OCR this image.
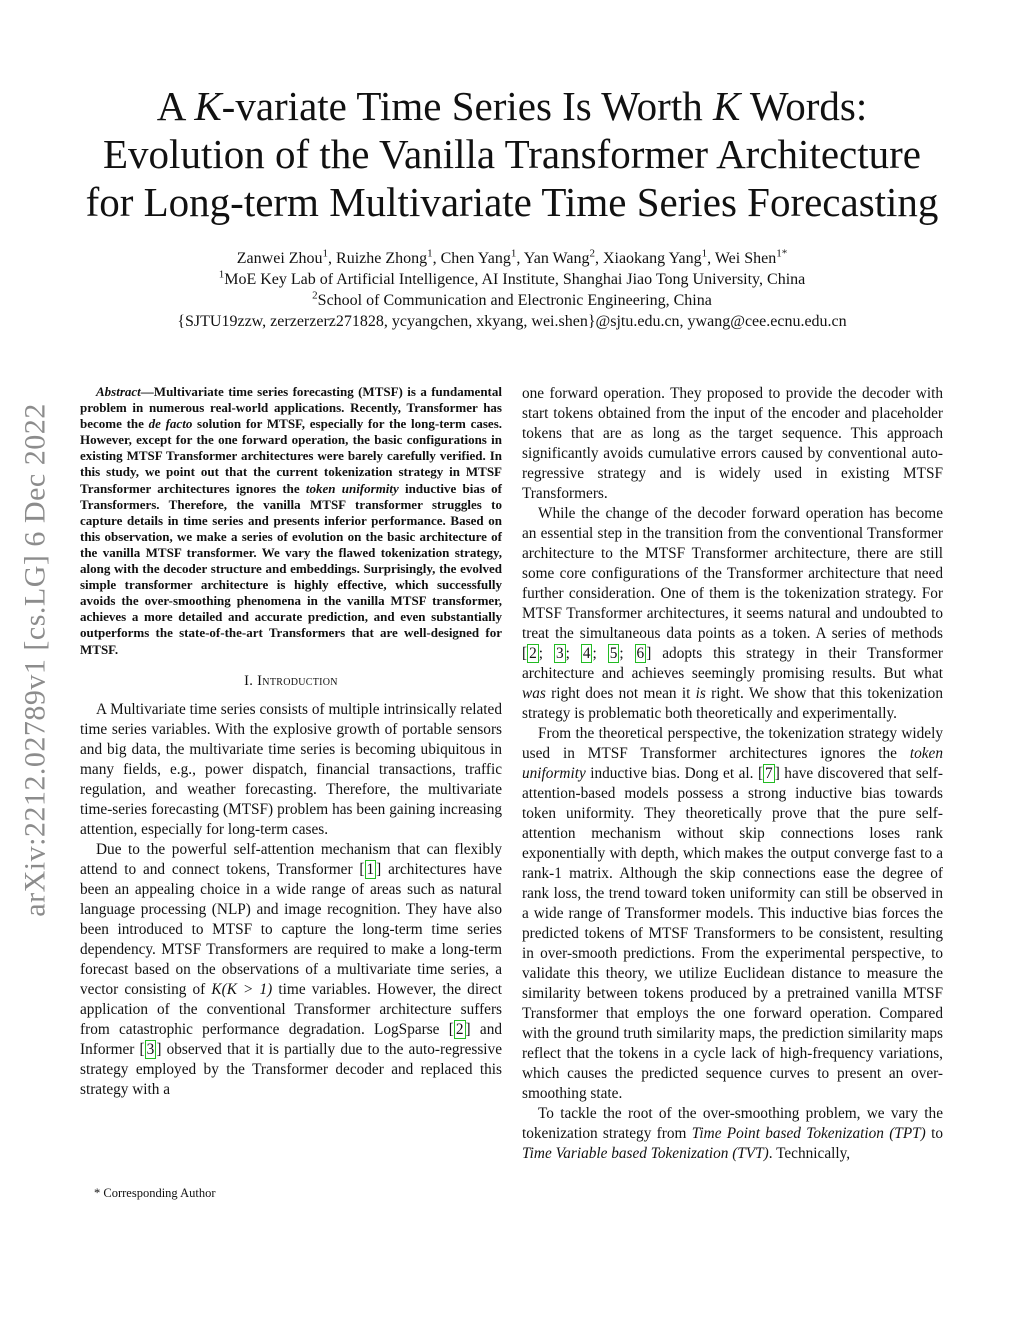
arXiv:2212.02789v1 [cs.LG] 6 Dec 2022
A K-variate Time Series Is Worth K Words:
Evolution of the Vanilla Transformer Architecture
for Long-term Multivariate Time Series Forecasting
Zanwei Zhou$^1$, Ruizhe Zhong$^1$, Chen Yang$^1$, Yan Wang$^2$, Xiaokang Yang$^1$, Wei Shen$^{1*}$
$^1$MoE Key Lab of Artificial Intelligence, AI Institute, Shanghai Jiao Tong University, China
$^2$School of Communication and Electronic Engineering, China
{SJTU19zzw, zerzerzerz271828, ycyangchen, xkyang, wei.shen}@sjtu.edu.cn, ywang@cee.ecnu.edu.cn

Abstract—Multivariate time series forecasting (MTSF) is a fundamental problem in numerous real-world applications. Recently, Transformer has become the de facto solution for MTSF, especially for the long-term cases. However, except for the one forward operation, the basic configurations in existing MTSF Transformer architectures were barely carefully verified. In this study, we point out that the current tokenization strategy in MTSF Transformer architectures ignores the token uniformity inductive bias of Transformers. Therefore, the vanilla MTSF transformer struggles to capture details in time series and presents inferior performance. Based on this observation, we make a series of evolution on the basic architecture of the vanilla MTSF transformer. We vary the flawed tokenization strategy, along with the decoder structure and embeddings. Surprisingly, the evolved simple transformer architecture is highly effective, which successfully avoids the over-smoothing phenomena in the vanilla MTSF transformer, achieves a more detailed and accurate prediction, and even substantially outperforms the state-of-the-art Transformers that are well-designed for MTSF.

I. Introduction

A Multivariate time series consists of multiple intrinsically related time series variables. With the explosive growth of portable sensors and big data, the multivariate time series is becoming ubiquitous in many fields, e.g., power dispatch, financial transactions, traffic regulation, and weather forecasting. Therefore, the multivariate time-series forecasting (MTSF) problem has been gaining increasing attention, especially for long-term cases.

Due to the powerful self-attention mechanism that can flexibly attend to and connect tokens, Transformer [ 1 ] architectures have been an appealing choice in a wide range of areas such as natural language processing (NLP) and image recognition. They have also been introduced to MTSF to capture the long-term time series dependency. MTSF Transformers are required to make a long-term forecast based on the observations of a multivariate time series, a vector consisting of K(K > 1) time variables. However, the direct application of the conventional Transformer architecture suffers from catastrophic performance degradation. LogSparse [ 2 ] and Informer [ 3 ] observed that it is partially due to the auto-regressive strategy employed by the Transformer decoder and replaced this strategy with a

* Corresponding Author

one forward operation. They proposed to provide the decoder with start tokens obtained from the input of the encoder and placeholder tokens that are as long as the target sequence. This approach significantly avoids cumulative errors caused by conventional auto-regressive strategy and is widely used in existing MTSF Transformers.

While the change of the decoder forward operation has become an essential step in the transition from the conventional Transformer architecture to the MTSF Transformer architecture, there are still some core configurations of the Transformer architecture that need further consideration. One of them is the tokenization strategy. For MTSF Transformer architectures, it seems natural and undoubted to treat the simultaneous data points as a token. A series of methods [ 2 ; 3 ; 4 ; 5 ; 6 ] adopts this strategy in their Transformer architecture and achieves seemingly promising results. But what was right does not mean it is right. We show that this tokenization strategy is problematic both theoretically and experimentally.

From the theoretical perspective, the tokenization strategy widely used in MTSF Transformer architectures ignores the token uniformity inductive bias. Dong et al. [ 7 ] have discovered that self-attention-based models possess a strong inductive bias towards token uniformity. They theoretically prove that the pure self-attention mechanism without skip connections loses rank exponentially with depth, which makes the output converge fast to a rank-1 matrix. Although the skip connections ease the degree of rank loss, the trend toward token uniformity can still be observed in a wide range of Transformer models. This inductive bias forces the predicted tokens of MTSF Transformers to be consistent, resulting in over-smooth predictions. From the experimental perspective, to validate this theory, we utilize Euclidean distance to measure the similarity between tokens produced by a pretrained vanilla MTSF Transformer that employs the one forward operation. Compared with the ground truth similarity maps, the prediction similarity maps reflect that the tokens in a cycle lack of high-frequency variations, which causes the predicted sequence curves to present an over-smoothing state.

To tackle the root of the over-smoothing problem, we vary the tokenization strategy from Time Point based Tokenization (TPT) to Time Variable based Tokenization (TVT). Technically,
